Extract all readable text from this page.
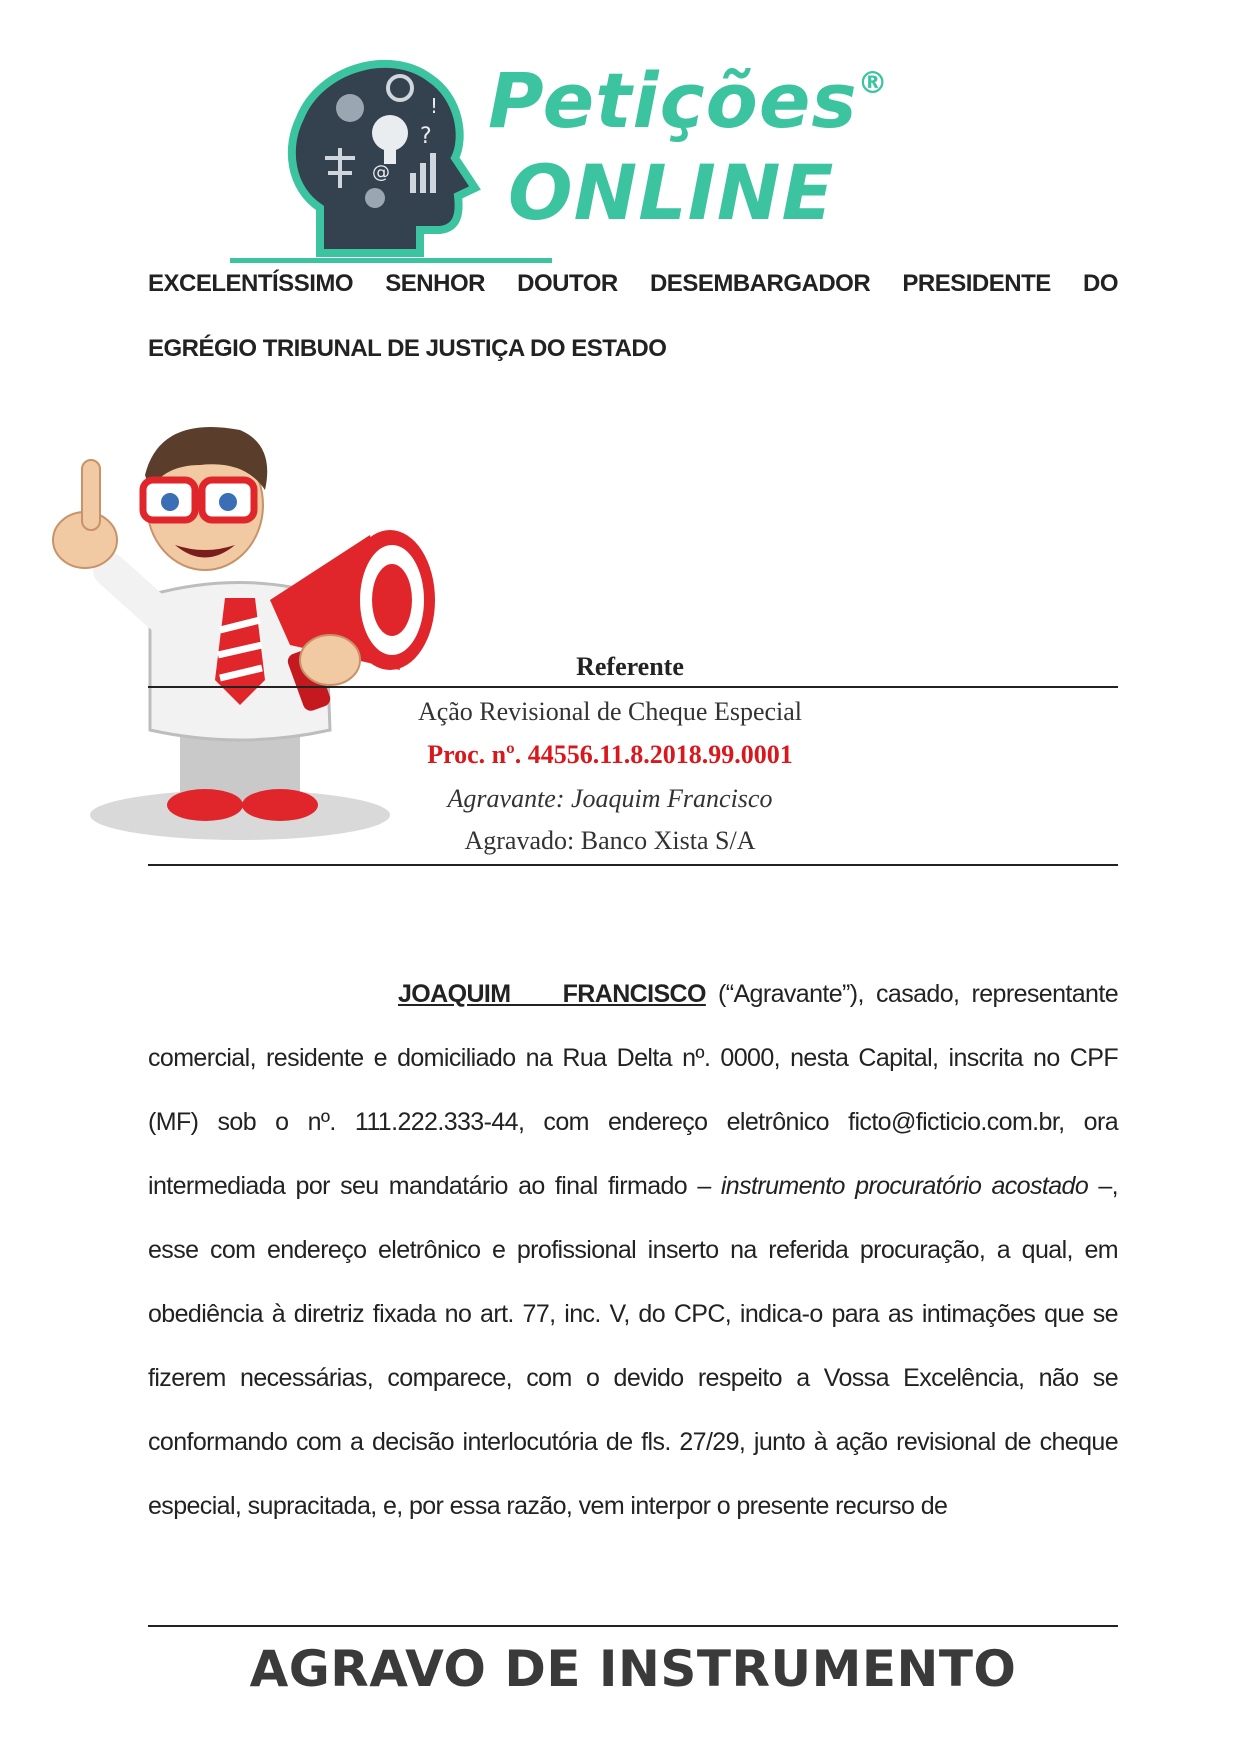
?
!
@
Petições®
ONLINE
EXCELENTÍSSIMO SENHOR DOUTOR DESEMBARGADOR PRESIDENTE DO
EGRÉGIO TRIBUNAL DE JUSTIÇA DO ESTADO
Referente
Ação Revisional de Cheque Especial
Proc. nº. 44556.11.8.2018.99.0001
Agravante: Joaquim Francisco
Agravado: Banco Xista S/A
JOAQUIM FRANCISCO (“Agravante”), casado, representante comercial, residente e domiciliado na Rua Delta nº. 0000, nesta Capital, inscrita no CPF (MF) sob o nº. 111.222.333-44, com endereço eletrônico ficto@ficticio.com.br, ora intermediada por seu mandatário ao final firmado – instrumento procuratório acostado –, esse com endereço eletrônico e profissional inserto na referida procuração, a qual, em obediência à diretriz fixada no art. 77, inc. V, do CPC, indica-o para as intimações que se fizerem necessárias, comparece, com o devido respeito a Vossa Excelência, não se conformando com a decisão interlocutória de fls. 27/29, junto à ação revisional de cheque especial, supracitada, e, por essa razão, vem interpor o presente recurso de
AGRAVO DE INSTRUMENTO
